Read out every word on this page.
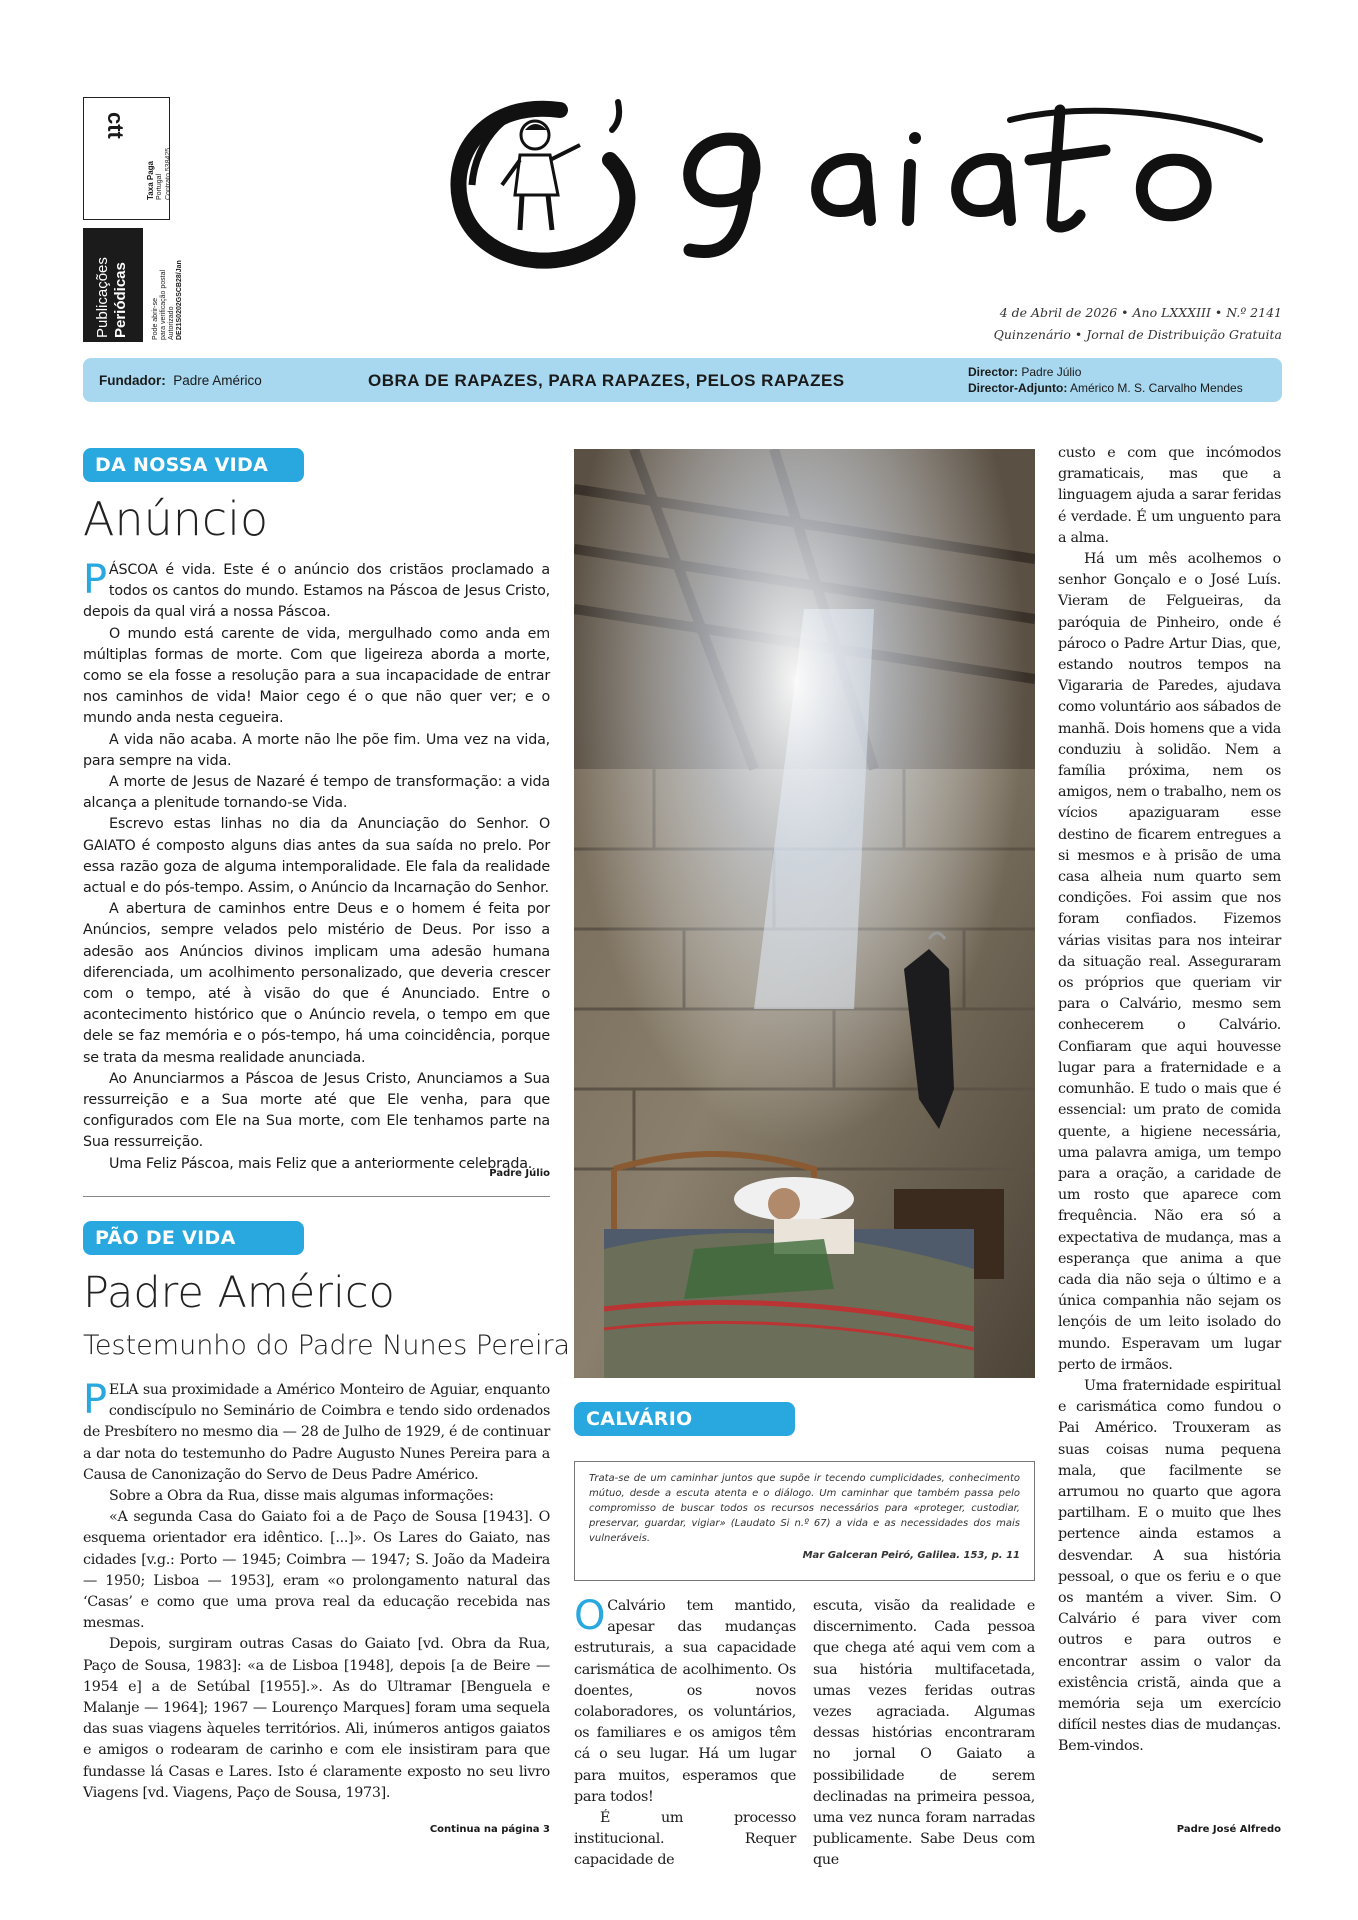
ctt
Taxa Paga Portugal Contrato 538425
Publicações Periódicas	Pode abrir-se para verificação postal Autorizado DE21S0202GSCB28/Jan	4 de Abril de 2026 • Ano LXXXIII • N.º 2141
Quinzenário • Jornal de Distribuição Gratuita
Fundador: Padre Américo	OBRA DE RAPAZES, PARA RAPAZES, PELOS RAPAZES	Director: Padre Júlio
Director-Adjunto: Américo M. S. Carvalho Mendes
DA NOSSA VIDA
Anúncio

PÁSCOA é vida. Este é o anúncio dos cristãos proclamado a todos os cantos do mundo. Estamos na Páscoa de Jesus Cristo, depois da qual virá a nossa Páscoa.

O mundo está carente de vida, mergulhado como anda em múltiplas formas de morte. Com que ligeireza aborda a morte, como se ela fosse a resolução para a sua incapacidade de entrar nos caminhos de vida! Maior cego é o que não quer ver; e o mundo anda nesta cegueira.

A vida não acaba. A morte não lhe põe fim. Uma vez na vida, para sempre na vida.

A morte de Jesus de Nazaré é tempo de transformação: a vida alcança a plenitude tornando-se Vida.

Escrevo estas linhas no dia da Anunciação do Senhor. O GAIATO é composto alguns dias antes da sua saída no prelo. Por essa razão goza de alguma intemporalidade. Ele fala da realidade actual e do pós-tempo. Assim, o Anúncio da Incarnação do Senhor.

A abertura de caminhos entre Deus e o homem é feita por Anúncios, sempre velados pelo mistério de Deus. Por isso a adesão aos Anúncios divinos implicam uma adesão humana diferenciada, um acolhimento personalizado, que deveria crescer com o tempo, até à visão do que é Anunciado. Entre o acontecimento histórico que o Anúncio revela, o tempo em que dele se faz memória e o pós-tempo, há uma coincidência, porque se trata da mesma realidade anunciada.

Ao Anunciarmos a Páscoa de Jesus Cristo, Anunciamos a Sua ressurreição e a Sua morte até que Ele venha, para que configurados com Ele na Sua morte, com Ele tenhamos parte na Sua ressurreição.

Uma Feliz Páscoa, mais Feliz que a anteriormente celebrada.

Padre Júlio
PÃO DE VIDA
Padre Américo
Testemunho do Padre Nunes Pereira

PELA sua proximidade a Américo Monteiro de Aguiar, enquanto condiscípulo no Seminário de Coimbra e tendo sido ordenados de Presbítero no mesmo dia — 28 de Julho de 1929, é de continuar a dar nota do testemunho do Padre Augusto Nunes Pereira para a Causa de Canonização do Servo de Deus Padre Américo.

Sobre a Obra da Rua, disse mais algumas informações:

«A segunda Casa do Gaiato foi a de Paço de Sousa [1943]. O esquema orientador era idêntico. [...]». Os Lares do Gaiato, nas cidades [v.g.: Porto — 1945; Coimbra — 1947; S. João da Madeira — 1950; Lisboa — 1953], eram «o prolongamento natural das ‘Casas’ e como que uma prova real da educação recebida nas mesmas.

Depois, surgiram outras Casas do Gaiato [vd. Obra da Rua, Paço de Sousa, 1983]: «a de Lisboa [1948], depois [a de Beire — 1954 e] a de Setúbal [1955].». As do Ultramar [Benguela e Malanje — 1964]; 1967 — Lourenço Marques] foram uma sequela das suas viagens àqueles territórios. Ali, inúmeros antigos gaiatos e amigos o rodearam de carinho e com ele insistiram para que fundasse lá Casas e Lares. Isto é claramente exposto no seu livro Viagens [vd. Viagens, Paço de Sousa, 1973].

Continua na página 3
CALVÁRIO
Trata-se de um caminhar juntos que supõe ir tecendo cumplicidades, conhecimento mútuo, desde a escuta atenta e o diálogo. Um caminhar que também passa pelo compromisso de buscar todos os recursos necessários para «proteger, custodiar, preservar, guardar, vigiar» (Laudato Si n.º 67) a vida e as necessidades dos mais vulneráveis.
Mar Galceran Peiró, Galilea. 153, p. 11

O Calvário tem mantido, apesar das mudanças estruturais, a sua capacidade carismática de acolhimento. Os doentes, os novos colaboradores, os voluntários, os familiares e os amigos têm cá o seu lugar. Há um lugar para muitos, esperamos que para todos!

É um processo institucional. Requer capacidade de

escuta, visão da realidade e discernimento. Cada pessoa que chega até aqui vem com a sua história multifacetada, umas vezes feridas outras vezes agraciada. Algumas dessas histórias encontraram no jornal O Gaiato a possibilidade de serem declinadas na primeira pessoa, uma vez nunca foram narradas publicamente. Sabe Deus com que

custo e com que incómodos gramaticais, mas que a linguagem ajuda a sarar feridas é verdade. É um unguento para a alma.

Há um mês acolhemos o senhor Gonçalo e o José Luís. Vieram de Felgueiras, da paróquia de Pinheiro, onde é pároco o Padre Artur Dias, que, estando noutros tempos na Vigararia de Paredes, ajudava como voluntário aos sábados de manhã. Dois homens que a vida conduziu à solidão. Nem a família próxima, nem os amigos, nem o trabalho, nem os vícios apaziguaram esse destino de ficarem entregues a si mesmos e à prisão de uma casa alheia num quarto sem condições. Foi assim que nos foram confiados. Fizemos várias visitas para nos inteirar da situação real. Asseguraram os próprios que queriam vir para o Calvário, mesmo sem conhecerem o Calvário. Confiaram que aqui houvesse lugar para a fraternidade e a comunhão. E tudo o mais que é essencial: um prato de comida quente, a higiene necessária, uma palavra amiga, um tempo para a oração, a caridade de um rosto que aparece com frequência. Não era só a expectativa de mudança, mas a esperança que anima a que cada dia não seja o último e a única companhia não sejam os lençóis de um leito isolado do mundo. Esperavam um lugar perto de irmãos.

Uma fraternidade espiritual e carismática como fundou o Pai Américo. Trouxeram as suas coisas numa pequena mala, que facilmente se arrumou no quarto que agora partilham. E o muito que lhes pertence ainda estamos a desvendar. A sua história pessoal, o que os feriu e o que os mantém a viver. Sim. O Calvário é para viver com outros e para outros e encontrar assim o valor da existência cristã, ainda que a memória seja um exercício difícil nestes dias de mudanças. Bem-vindos.

Padre José Alfredo
